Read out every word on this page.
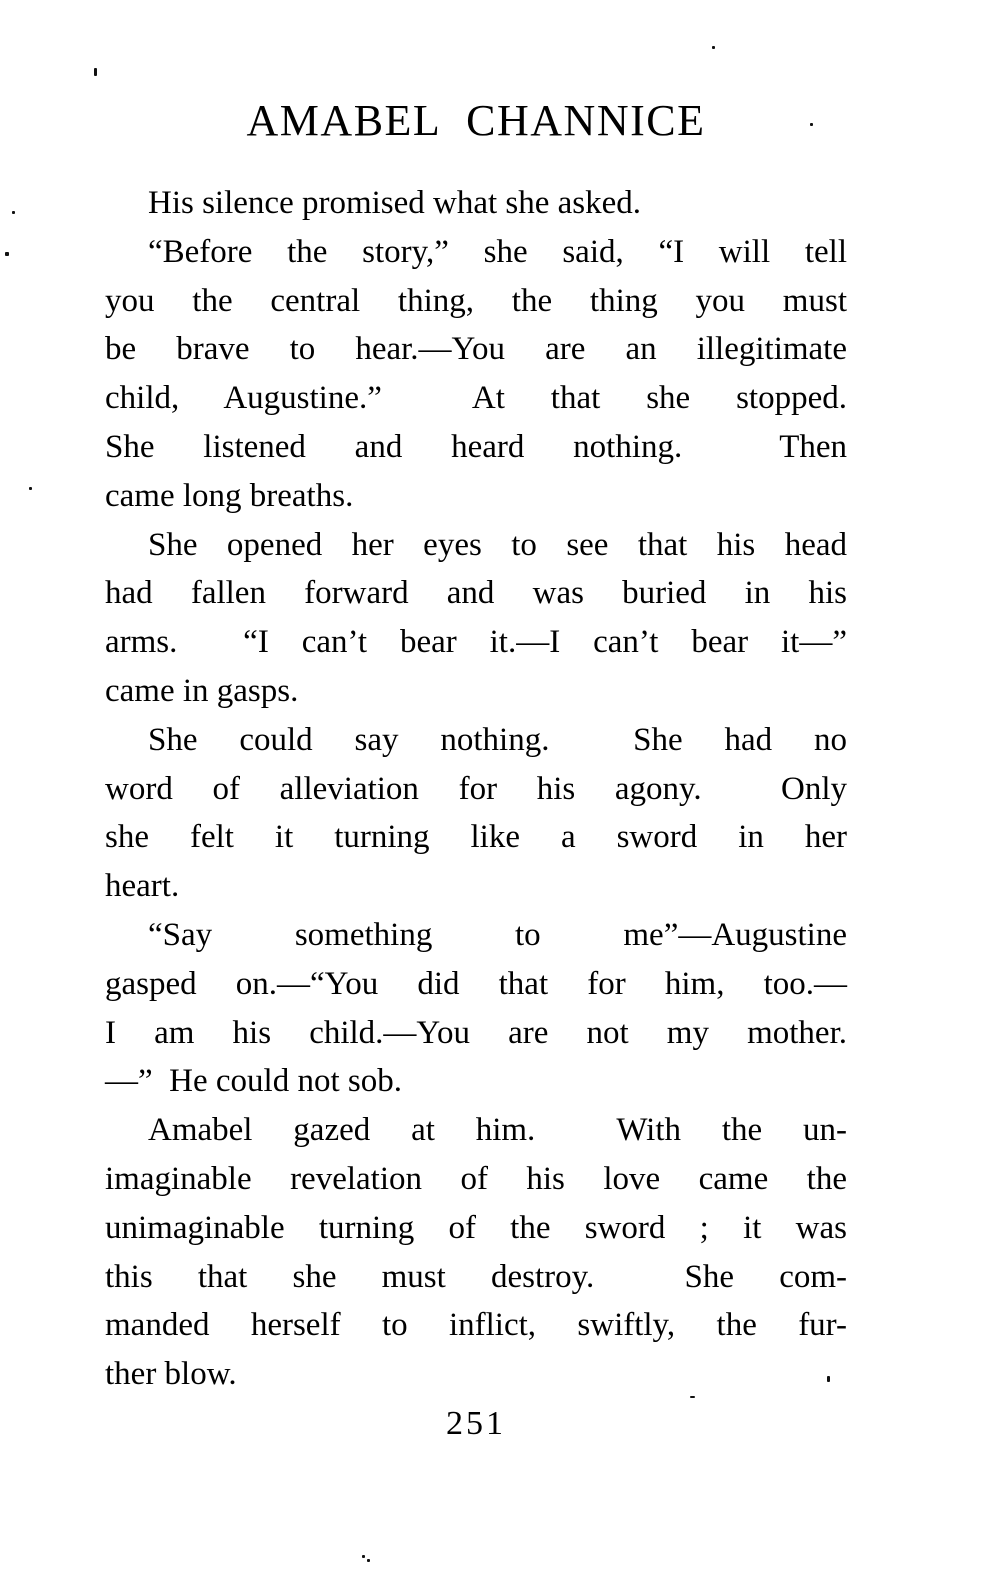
AMABEL CHANNICE
His silence promised what she asked.
“Before the story,” she said, “I will tell
you the central thing, the thing you must
be brave to hear.—You are an illegitimate
child, Augustine.”  At that she stopped.
She listened and heard nothing.  Then
came long breaths.
She opened her eyes to see that his head
had fallen forward and was buried in his
arms.  “I can’t bear it.—I can’t bear it—”
came in gasps.
She could say nothing.  She had no
word of alleviation for his agony.  Only
she felt it turning like a sword in her
heart.
“Say something to me”—Augustine
gasped on.—“You did that for him, too.—
I am his child.—You are not my mother.
—”  He could not sob.
Amabel gazed at him.  With the un-
imaginable revelation of his love came the
unimaginable turning of the sword ; it was
this that she must destroy.  She com-
manded herself to inflict, swiftly, the fur-
ther blow.
251
